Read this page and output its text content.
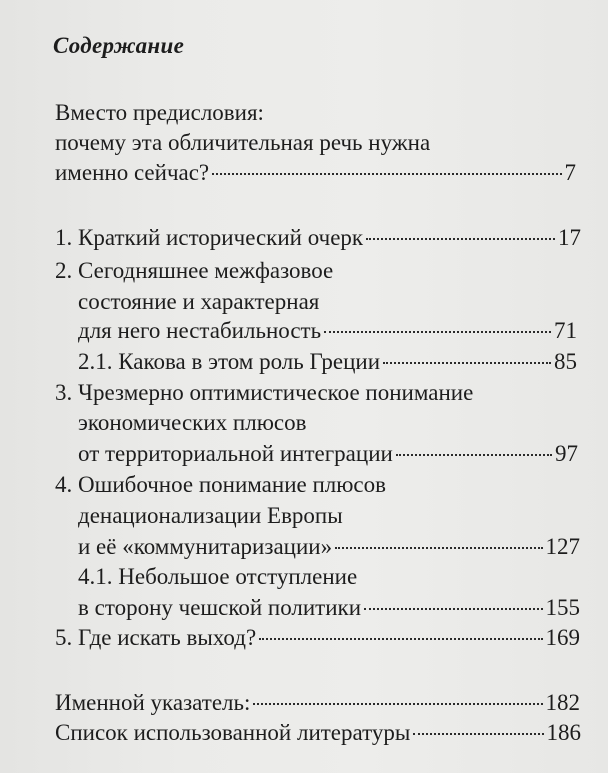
Содержание
Вместо предисловия:
почему эта обличительная речь нужна
именно сейчас?	7
1. Краткий исторический очерк	17
2. Сегодняшнее межфазовое
состояние и характерная
для него нестабильность	71
2.1. Какова в этом роль Греции	85
3. Чрезмерно оптимистическое понимание
экономических плюсов
от территориальной интеграции	97
4. Ошибочное понимание плюсов
денационализации Европы
и её «коммунитаризации»	127
4.1. Небольшое отступление
в сторону чешской политики	155
5. Где искать выход?	169
Именной указатель:	182
Список использованной литературы	186
